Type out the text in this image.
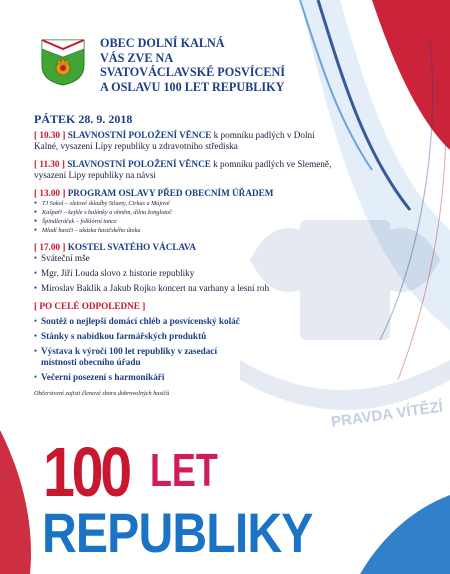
PRAVDA VÍTĚZÍ
OBEC DOLNÍ KALNÁ
VÁS ZVE NA
SVATOVÁCLAVSKÉ POSVÍCENÍ
A OSLAVU 100 LET REPUBLIKY
PÁTEK 28. 9. 2018
[ 10.30 ] SLAVNOSTNÍ POLOŽENÍ VĚNCE k pomníku padlých v Dolní Kalné, vysazení Lípy republiky u zdravotního střediska
[ 11.30 ] SLAVNOSTNÍ POLOŽENÍ VĚNCE k pomníku padlých ve Slemeně, vysazení Lípy republiky na návsi
[ 13.00 ] PROGRAM OSLAVY PŘED OBECNÍM ÚŘADEM
● TJ Sokol – sletové skladby Siluety, Cirkus a Májové
● Kašpaři – kejkle s balónky a ohněm, dílna žonglotoč
● Špindleráček – folklórní tance
● Mladí hasiči – ukázka hasičského útoku
[ 17.00 ] KOSTEL SVATÉHO VÁCLAVA
● Sváteční mše
● Mgr. Jiří Louda slovo z historie republiky
● Miroslav Baklík a Jakub Rojko koncert na varhany a lesní roh
[ PO CELÉ ODPOLEDNE ]
● Soutěž o nejlepší domácí chléb a posvícenský koláč
● Stánky s nabídkou farmářských produktů
● Výstava k výročí 100 let republiky v zasedací místnosti obecního úřadu
● Večerní posezení s harmonikáři
Občerstvení zajistí členové sboru dobrovolných hasičů
100 LET
REPUBLIKY
